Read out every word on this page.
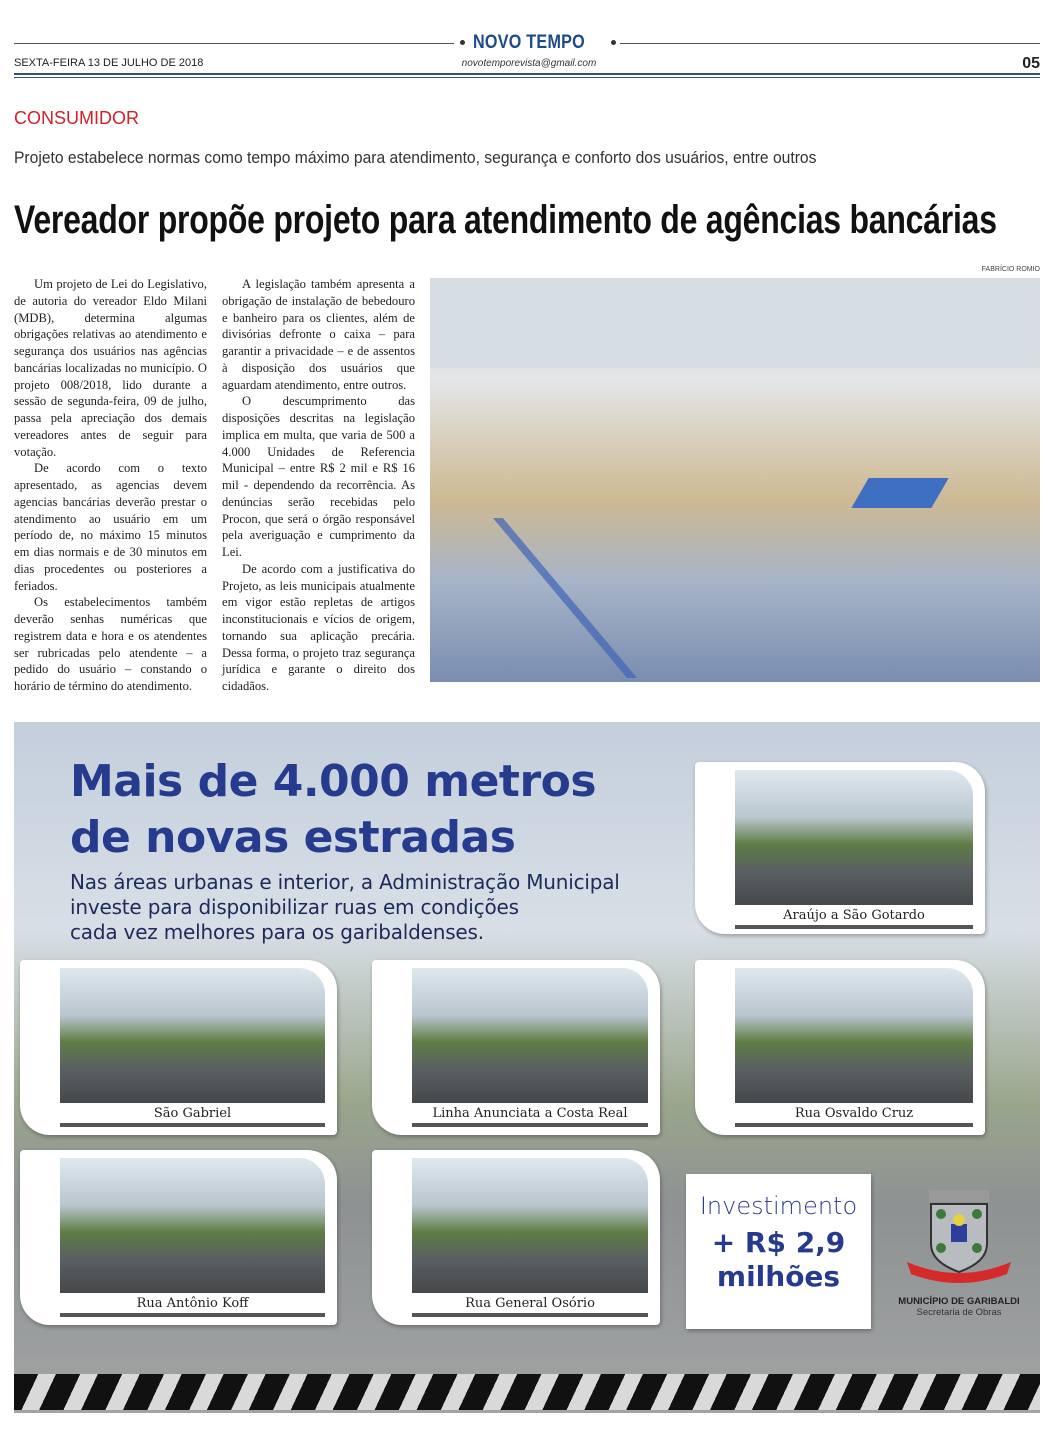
NOVO TEMPO
SEXTA-FEIRA 13 DE JULHO DE 2018	novotemporevista@gmail.com	05
CONSUMIDOR
Projeto estabelece normas como tempo máximo para atendimento, segurança e conforto dos usuários, entre outros
Vereador propõe projeto para atendimento de agências bancárias

Um projeto de Lei do Legislativo, de autoria do vereador Eldo Milani (MDB), determina algumas obrigações relativas ao atendimento e segurança dos usuários nas agências bancárias localizadas no município. O projeto 008/2018, lido durante a sessão de segunda-feira, 09 de julho, passa pela apreciação dos demais vereadores antes de seguir para votação.

De acordo com o texto apresentado, as agencias devem agencias bancárias deverão prestar o atendimento ao usuário em um período de, no máximo 15 minutos em dias normais e de 30 minutos em dias procedentes ou posteriores a feriados.

Os estabelecimentos também deverão senhas numéricas que registrem data e hora e os atendentes ser rubricadas pelo atendente – a pedido do usuário – constando o horário de término do atendimento.

A legislação também apresenta a obrigação de instalação de bebedouro e banheiro para os clientes, além de divisórias defronte o caixa – para garantir a privacidade – e de assentos à disposição dos usuários que aguardam atendimento, entre outros.

O descumprimento das disposições descritas na legislação implica em multa, que varia de 500 a 4.000 Unidades de Referencia Municipal – entre R$ 2 mil e R$ 16 mil - dependendo da recorrência. As denúncias serão recebidas pelo Procon, que será o órgão responsável pela averiguação e cumprimento da Lei.

De acordo com a justificativa do Projeto, as leis municipais atualmente em vigor estão repletas de artigos inconstitucionais e vícios de origem, tornando sua aplicação precária. Dessa forma, o projeto traz segurança jurídica e garante o direito dos cidadãos.

FABRÍCIO ROMIO
Mais de 4.000 metros
de novas estradas
Nas áreas urbanas e interior, a Administração Municipal
investe para disponibilizar ruas em condições
cada vez melhores para os garibaldenses.
Araújo a São Gotardo
São Gabriel	Linha Anunciata a Costa Real	Rua Osvaldo Cruz
Rua Antônio Koff	Rua General Osório
Investimento
+ R$ 2,9
milhões
MUNICÍPIO DE GARIBALDI
Secretaria de Obras
